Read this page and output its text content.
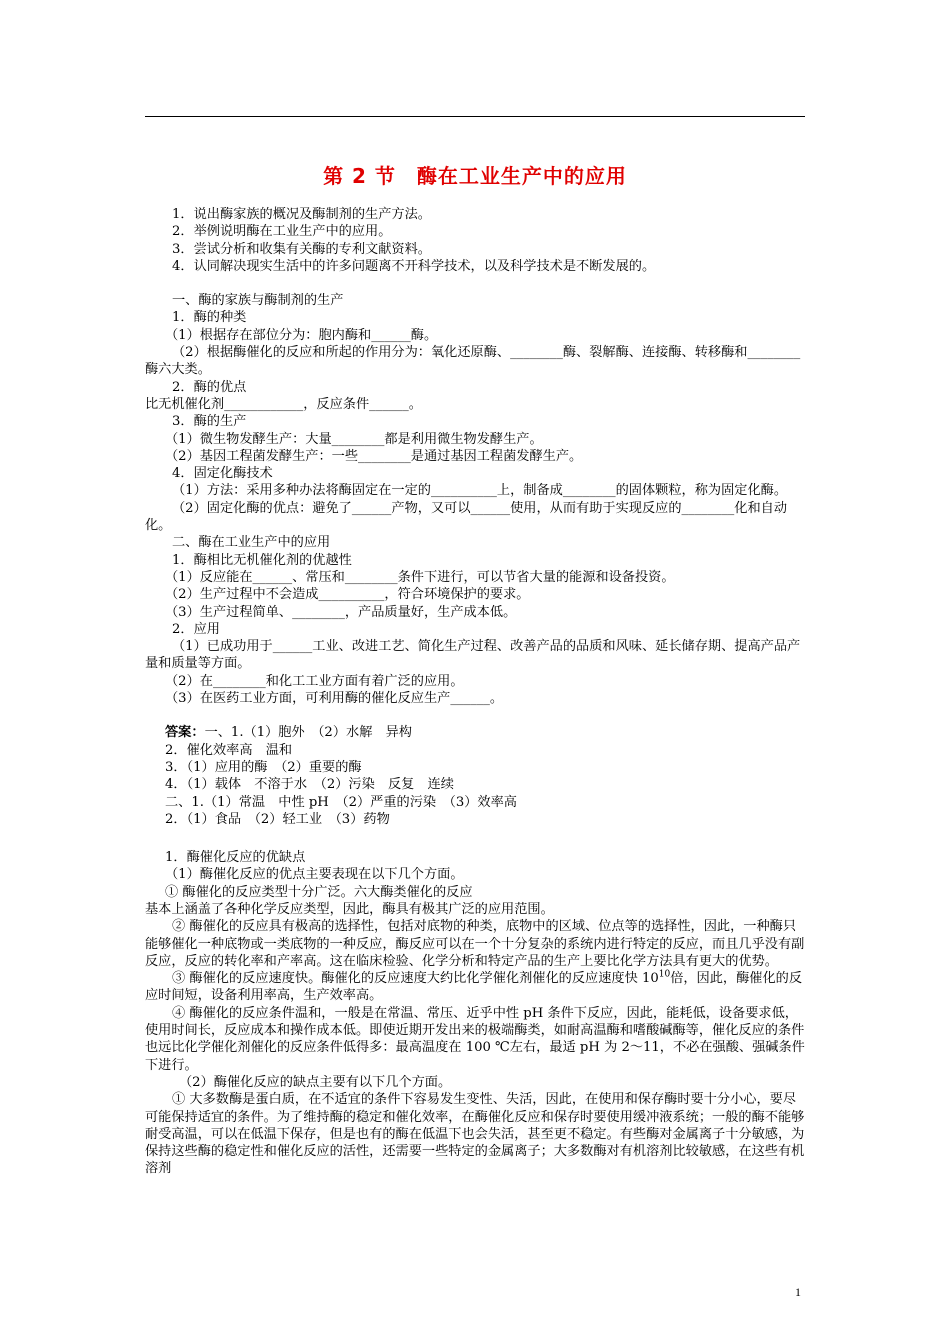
第 2 节　酶在工业生产中的应用

1．说出酶家族的概况及酶制剂的生产方法。

2．举例说明酶在工业生产中的应用。

3．尝试分析和收集有关酶的专利文献资料。

4．认同解决现实生活中的许多问题离不开科学技术，以及科学技术是不断发展的。

一、酶的家族与酶制剂的生产

1．酶的种类

（1）根据存在部位分为：胞内酶和______酶。

（2）根据酶催化的反应和所起的作用分为：氧化还原酶、________酶、裂解酶、连接酶、转移酶和________酶六大类。

2．酶的优点

比无机催化剂____________，反应条件______。

3．酶的生产

（1）微生物发酵生产：大量________都是利用微生物发酵生产。

（2）基因工程菌发酵生产：一些________是通过基因工程菌发酵生产。

4．固定化酶技术

（1）方法：采用多种办法将酶固定在一定的__________上，制备成________的固体颗粒，称为固定化酶。

（2）固定化酶的优点：避免了______产物，又可以______使用，从而有助于实现反应的________化和自动化。

二、酶在工业生产中的应用

1．酶相比无机催化剂的优越性

（1）反应能在______、常压和________条件下进行，可以节省大量的能源和设备投资。

（2）生产过程中不会造成__________，符合环境保护的要求。

（3）生产过程简单、________，产品质量好，生产成本低。

2．应用

（1）已成功用于______工业、改进工艺、简化生产过程、改善产品的品质和风味、延长储存期、提高产品产量和质量等方面。

（2）在________和化工工业方面有着广泛的应用。

（3）在医药工业方面，可利用酶的催化反应生产______。

答案：一、1.（1）胞外　（2）水解　异构

2．催化效率高　温和

3．（1）应用的酶　（2）重要的酶

4．（1）载体　不溶于水　（2）污染　反复　连续

二、1.（1）常温　中性 pH　（2）严重的污染　（3）效率高

2．（1）食品　（2）轻工业　（3）药物

1．酶催化反应的优缺点

（1）酶催化反应的优点主要表现在以下几个方面。

① 酶催化的反应类型十分广泛。六大酶类催化的反应

基本上涵盖了各种化学反应类型，因此，酶具有极其广泛的应用范围。

② 酶催化的反应具有极高的选择性，包括对底物的种类，底物中的区域、位点等的选择性，因此，一种酶只能够催化一种底物或一类底物的一种反应，酶反应可以在一个十分复杂的系统内进行特定的反应，而且几乎没有副反应，反应的转化率和产率高。这在临床检验、化学分析和特定产品的生产上要比化学方法具有更大的优势。

③ 酶催化的反应速度快。酶催化的反应速度大约比化学催化剂催化的反应速度快 $10^{10}$倍，因此，酶催化的反应时间短，设备利用率高，生产效率高。

④ 酶催化的反应条件温和，一般是在常温、常压、近乎中性 pH 条件下反应，因此，能耗低，设备要求低，使用时间长，反应成本和操作成本低。即使近期开发出来的极端酶类，如耐高温酶和嗜酸碱酶等，催化反应的条件也远比化学催化剂催化的反应条件低得多：最高温度在 100 ℃左右，最适 pH 为 2～11，不必在强酸、强碱条件下进行。

（2）酶催化反应的缺点主要有以下几个方面。

① 大多数酶是蛋白质，在不适宜的条件下容易发生变性、失活，因此，在使用和保存酶时要十分小心，要尽可能保持适宜的条件。为了维持酶的稳定和催化效率，在酶催化反应和保存时要使用缓冲液系统；一般的酶不能够耐受高温，可以在低温下保存，但是也有的酶在低温下也会失活，甚至更不稳定。有些酶对金属离子十分敏感，为保持这些酶的稳定性和催化反应的活性，还需要一些特定的金属离子；大多数酶对有机溶剂比较敏感，在这些有机溶剂

1
